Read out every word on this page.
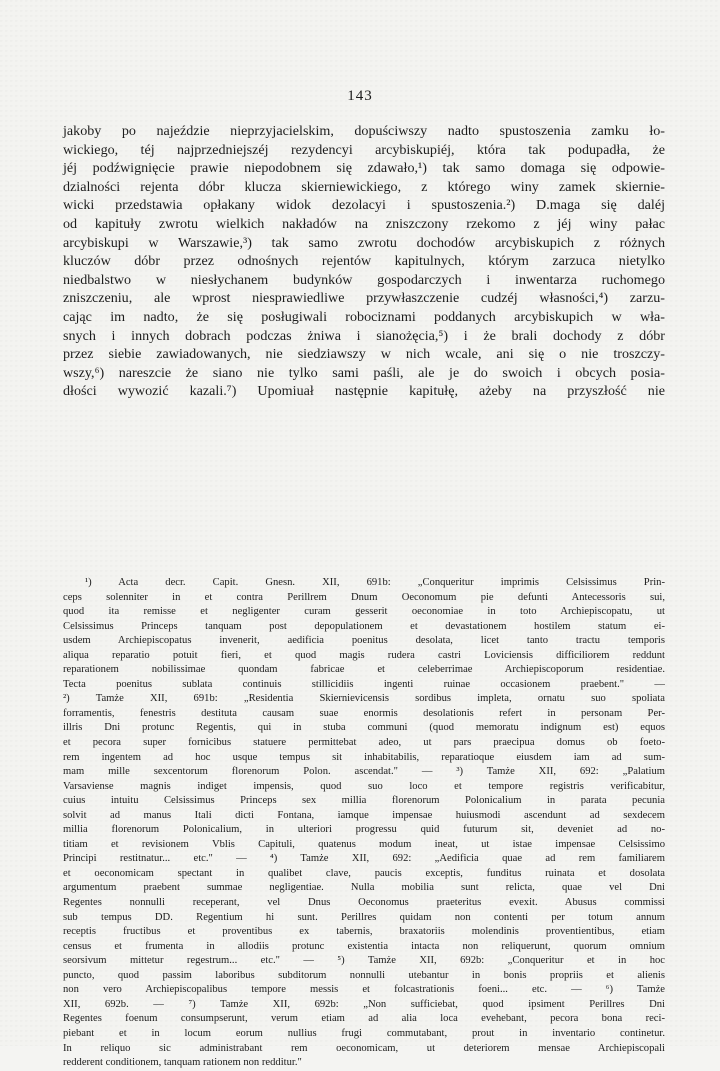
143
jakoby po najeździe nieprzyjacielskim, dopuściwszy nadto spustoszenia zamku ło-
wickiego, téj najprzedniejszéj rezydencyi arcybiskupiéj, która tak podupadła, że
jéj podźwignięcie prawie niepodobnem się zdawało,¹) tak samo domaga się odpowie-
dzialności rejenta dóbr klucza skierniewickiego, z którego winy zamek skiernie-
wicki przedstawia opłakany widok dezolacyi i spustoszenia.²) D.maga się daléj
od kapituły zwrotu wielkich nakładów na zniszczony rzekomo z jéj winy pałac
arcybiskupi w Warszawie,³) tak samo zwrotu dochodów arcybiskupich z różnych
kluczów dóbr przez odnośnych rejentów kapitulnych, którym zarzuca nietylko
niedbalstwo w niesłychanem budynków gospodarczych i inwentarza ruchomego
zniszczeniu, ale wprost niesprawiedliwe przywłaszczenie cudzéj własności,⁴) zarzu-
cając im nadto, że się posługiwali robociznami poddanych arcybiskupich w wła-
snych i innych dobrach podczas żniwa i sianożęcia,⁵) i że brali dochody z dóbr
przez siebie zawiadowanych, nie siedziawszy w nich wcale, ani się o nie troszczy-
wszy,⁶) nareszcie że siano nie tylko sami paśli, ale je do swoich i obcych posia-
dłości wywozić kazali.⁷) Upomiuał następnie kapitułę, ażeby na przyszłość nie
¹) Acta decr. Capit. Gnesn. XII, 691b: „Conqueritur imprimis Celsissimus Prin-
ceps solenniter in et contra Perillrem Dnum Oeconomum pie defunti Antecessoris sui,
quod ita remisse et negligenter curam gesserit oeconomiae in toto Archiepiscopatu, ut
Celsissimus Princeps tanquam post depopulationem et devastationem hostilem statum ei-
usdem Archiepiscopatus invenerit, aedificia poenitus desolata, licet tanto tractu temporis
aliqua reparatio potuit fieri, et quod magis rudera castri Loviciensis difficiliorem reddunt
reparationem nobilissimae quondam fabricae et celeberrimae Archiepiscoporum residentiae.
Tecta poenitus sublata continuis stillicidiis ingenti ruinae occasionem praebent." —
²) Tamże XII, 691b: „Residentia Skiernievicensis sordibus impleta, ornatu suo spoliata
forramentis, fenestris destituta causam suae enormis desolationis refert in personam Per-
illris Dni protunc Regentis, qui in stuba communi (quod memoratu indignum est) equos
et pecora super fornicibus statuere permittebat adeo, ut pars praecipua domus ob foeto-
rem ingentem ad hoc usque tempus sit inhabitabilis, reparatioque eiusdem iam ad sum-
mam mille sexcentorum florenorum Polon. ascendat." — ³) Tamże XII, 692: „Palatium
Varsaviense magnis indiget impensis, quod suo loco et tempore registris verificabitur,
cuius intuitu Celsissimus Princeps sex millia florenorum Polonicalium in parata pecunia
solvit ad manus Itali dicti Fontana, iamque impensae huiusmodi ascendunt ad sexdecem
millia florenorum Polonicalium, in ulteriori progressu quid futurum sit, deveniet ad no-
titiam et revisionem Vblis Capituli, quatenus modum ineat, ut istae impensae Celsissimo
Principi restitnatur... etc." — ⁴) Tamże XII, 692: „Aedificia quae ad rem familiarem
et oeconomicam spectant in qualibet clave, paucis exceptis, funditus ruinata et dosolata
argumentum praebent summae negligentiae. Nulla mobilia sunt relicta, quae vel Dni
Regentes nonnulli receperant, vel Dnus Oeconomus praeteritus evexit. Abusus commissi
sub tempus DD. Regentium hi sunt. Perillres quidam non contenti per totum annum
receptis fructibus et proventibus ex tabernis, braxatoriis molendinis proventientibus, etiam
census et frumenta in allodiis protunc existentia intacta non reliquerunt, quorum omnium
seorsivum mittetur regestrum... etc." — ⁵) Tamże XII, 692b: „Conqueritur et in hoc
puncto, quod passim laboribus subditorum nonnulli utebantur in bonis propriis et alienis
non vero Archiepiscopalibus tempore messis et folcastrationis foeni... etc. — ⁶) Tamże
XII, 692b. — ⁷) Tamże XII, 692b: „Non sufficiebat, quod ipsiment Perillres Dni
Regentes foenum consumpserunt, verum etiam ad alia loca evehebant, pecora bona reci-
piebant et in locum eorum nullius frugi commutabant, prout in inventario continetur.
In reliquo sic administrabant rem oeconomicam, ut deteriorem mensae Archiepiscopali
redderent conditionem, tanquam rationem non redditur."
